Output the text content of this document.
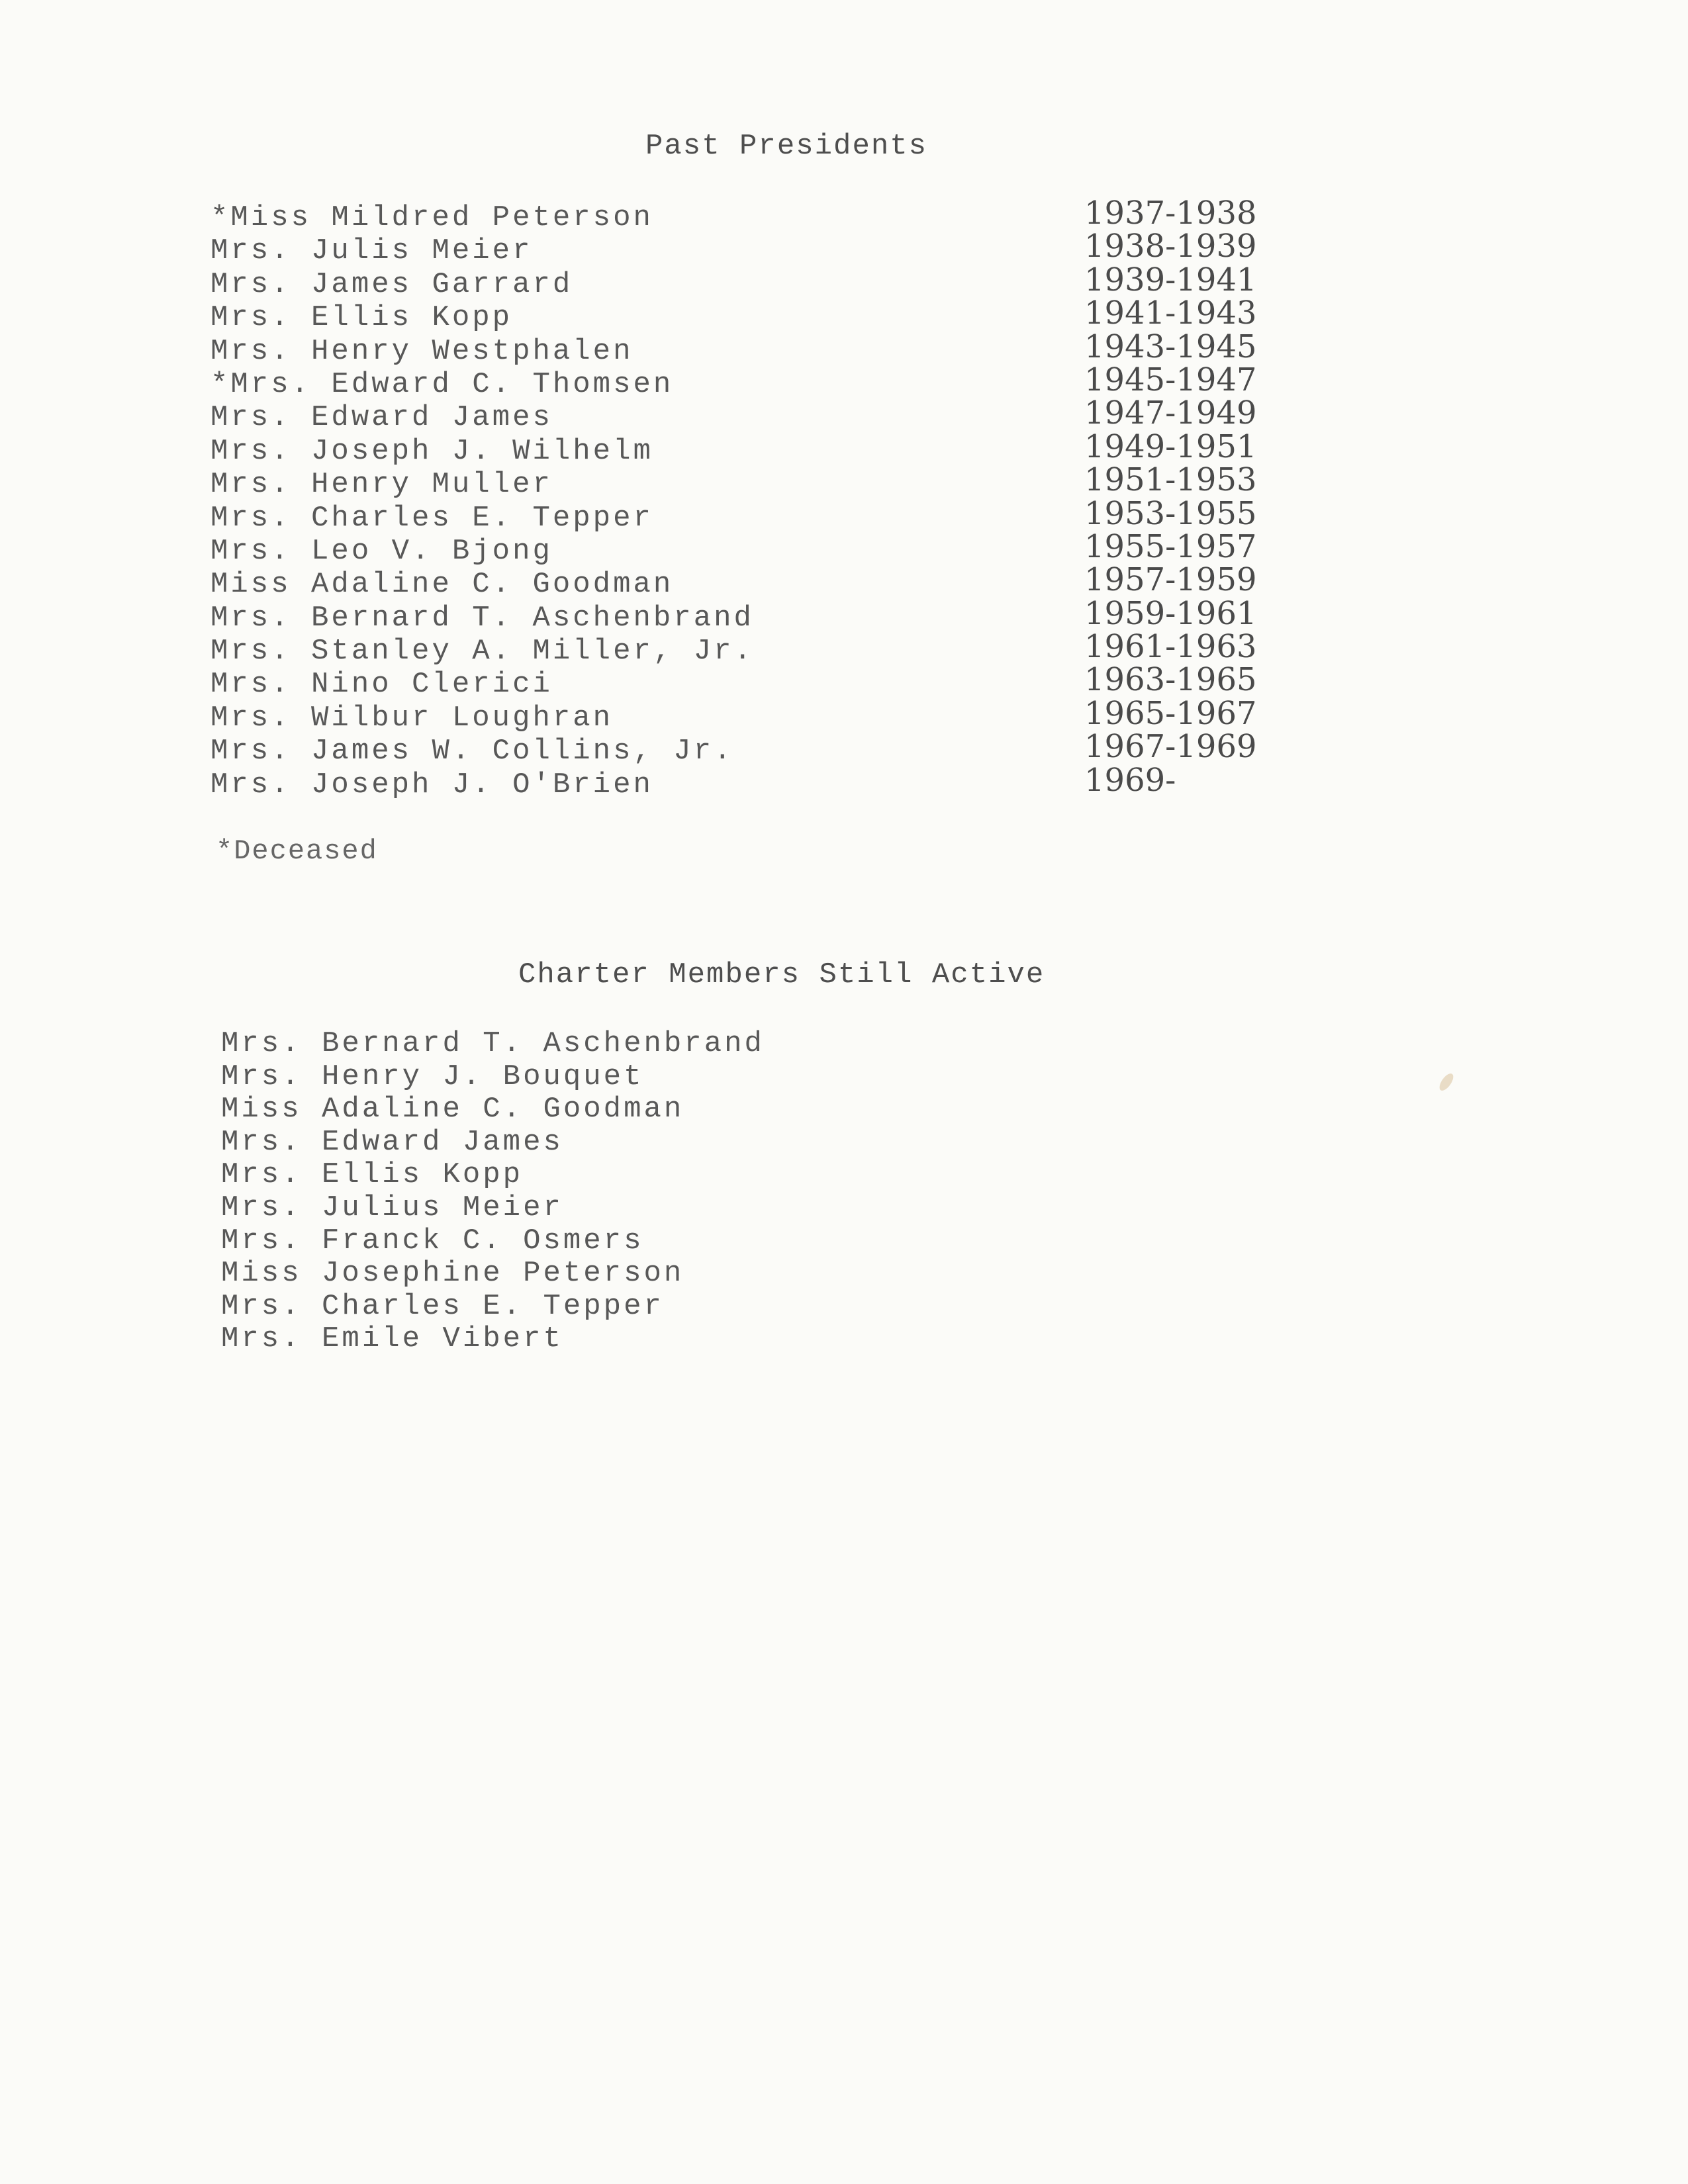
Past Presidents
*Miss Mildred Peterson	1937-1938
Mrs. Julis Meier	1938-1939
Mrs. James Garrard	1939-1941
Mrs. Ellis Kopp	1941-1943
Mrs. Henry Westphalen	1943-1945
*Mrs. Edward C. Thomsen	1945-1947
Mrs. Edward James	1947-1949
Mrs. Joseph J. Wilhelm	1949-1951
Mrs. Henry Muller	1951-1953
Mrs. Charles E. Tepper	1953-1955
Mrs. Leo V. Bjong	1955-1957
Miss Adaline C. Goodman	1957-1959
Mrs. Bernard T. Aschenbrand	1959-1961
Mrs. Stanley A. Miller, Jr.	1961-1963
Mrs. Nino Clerici	1963-1965
Mrs. Wilbur Loughran	1965-1967
Mrs. James W. Collins, Jr.	1967-1969
Mrs. Joseph J. O'Brien	1969-
*Deceased
Charter Members Still Active
Mrs. Bernard T. Aschenbrand
Mrs. Henry J. Bouquet
Miss Adaline C. Goodman
Mrs. Edward James
Mrs. Ellis Kopp
Mrs. Julius Meier
Mrs. Franck C. Osmers
Miss Josephine Peterson
Mrs. Charles E. Tepper
Mrs. Emile Vibert
